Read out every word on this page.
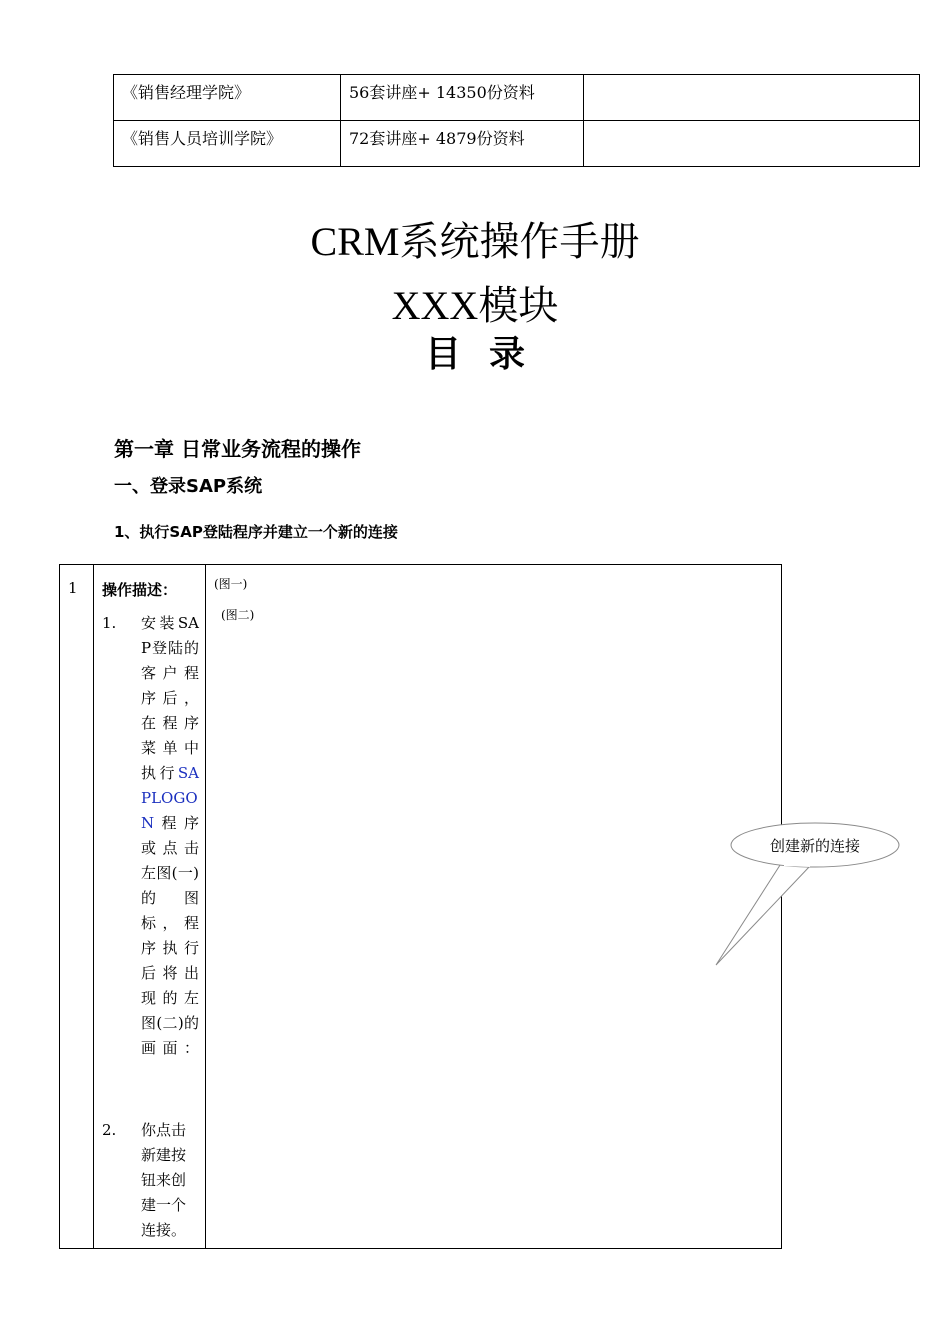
《销售经理学院》	56套讲座+ 14350份资料	
《销售人员培训学院》	72套讲座+ 4879份资料	
CRM系统操作手册
XXX模块
目录
第一章 日常业务流程的操作
一、登录SAP系统
1、执行SAP登陆程序并建立一个新的连接
1 操作描述：
1.	安装SAP登陆的客户程序后，在程序菜单中执行SAPLOGON程序或点击左图(一)的图标，程序执行后将出现的左图(二)的画面：
2.	你点击新建按钮来创建一个连接。
(图一)
(图二)
创建新的连接
